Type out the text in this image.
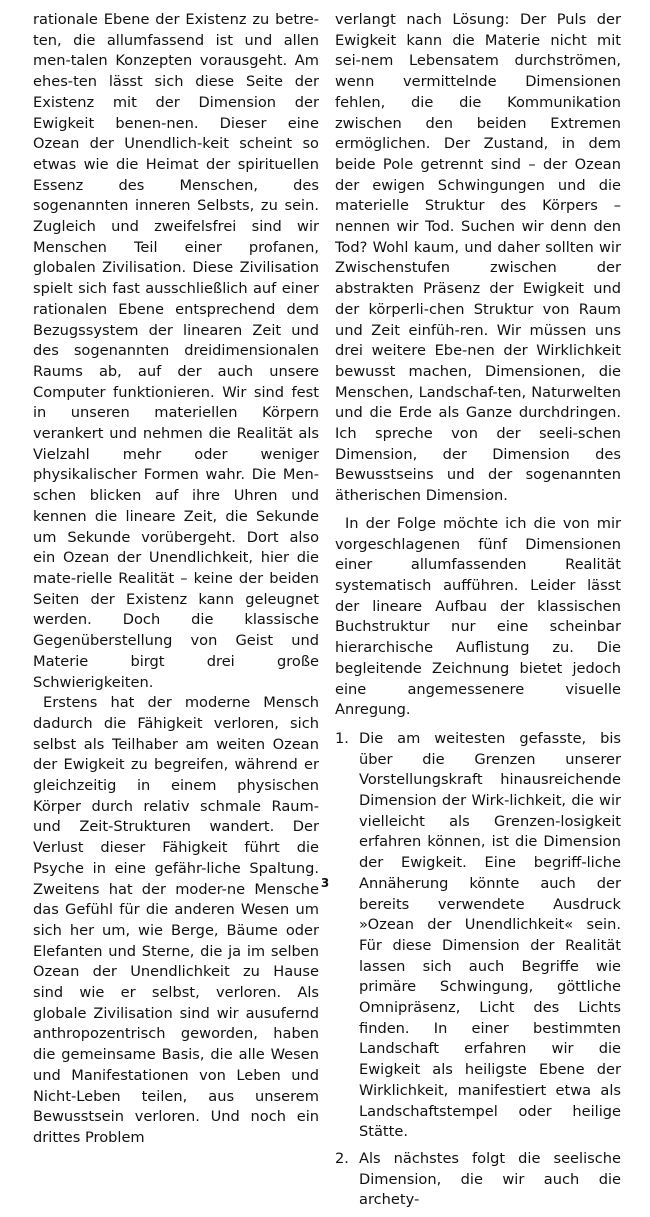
rationale Ebene der Existenz zu betre-ten, die allumfassend ist und allen men-talen Konzepten vorausgeht. Am ehes-ten lässt sich diese Seite der Existenz mit der Dimension der Ewigkeit benen-nen. Dieser eine Ozean der Unendlich-keit scheint so etwas wie die Heimat der spirituellen Essenz des Menschen, des sogenannten inneren Selbsts, zu sein. Zugleich und zweifelsfrei sind wir Menschen Teil einer profanen, globalen Zivilisation. Diese Zivilisation spielt sich fast ausschließlich auf einer rationalen Ebene entsprechend dem Bezugssystem der linearen Zeit und des sogenannten dreidimensionalen Raums ab, auf der auch unsere Computer funktionieren. Wir sind fest in unseren materiellen Körpern verankert und nehmen die Realität als Vielzahl mehr oder weniger physikalischer Formen wahr. Die Men-schen blicken auf ihre Uhren und kennen die lineare Zeit, die Sekunde um Sekunde vorübergeht. Dort also ein Ozean der Unendlichkeit, hier die mate-rielle Realität – keine der beiden Seiten der Existenz kann geleugnet werden. Doch die klassische Gegenüberstellung von Geist und Materie birgt drei große Schwierigkeiten.

Erstens hat der moderne Mensch dadurch die Fähigkeit verloren, sich selbst als Teilhaber am weiten Ozean der Ewigkeit zu begreifen, während er gleichzeitig in einem physischen Körper durch relativ schmale Raum- und Zeit-Strukturen wandert. Der Verlust dieser Fähigkeit führt die Psyche in eine gefähr-liche Spaltung. Zweitens hat der moder-ne Mensche das Gefühl für die anderen Wesen um sich her um, wie Berge, Bäume oder Elefanten und Sterne, die ja im selben Ozean der Unendlichkeit zu Hause sind wie er selbst, verloren. Als globale Zivilisation sind wir ausufernd anthropozentrisch geworden, haben die gemeinsame Basis, die alle Wesen und Manifestationen von Leben und Nicht-Leben teilen, aus unserem Bewusstsein verloren. Und noch ein drittes Problem

verlangt nach Lösung: Der Puls der Ewigkeit kann die Materie nicht mit sei-nem Lebensatem durchströmen, wenn vermittelnde Dimensionen fehlen, die die Kommunikation zwischen den beiden Extremen ermöglichen. Der Zustand, in dem beide Pole getrennt sind – der Ozean der ewigen Schwingungen und die materielle Struktur des Körpers – nennen wir Tod. Suchen wir denn den Tod? Wohl kaum, und daher sollten wir Zwischenstufen zwischen der abstrakten Präsenz der Ewigkeit und der körperli-chen Struktur von Raum und Zeit einfüh-ren. Wir müssen uns drei weitere Ebe-nen der Wirklichkeit bewusst machen, Dimensionen, die Menschen, Landschaf-ten, Naturwelten und die Erde als Ganze durchdringen. Ich spreche von der seeli-schen Dimension, der Dimension des Bewusstseins und der sogenannten ätherischen Dimension.

In der Folge möchte ich die von mir vorgeschlagenen fünf Dimensionen einer allumfassenden Realität systematisch aufführen. Leider lässt der lineare Aufbau der klassischen Buchstruktur nur eine scheinbar hierarchische Auflistung zu. Die begleitende Zeichnung bietet jedoch eine angemessenere visuelle Anregung.

1. Die am weitesten gefasste, bis über die Grenzen unserer Vorstellungskraft hinausreichende Dimension der Wirk-lichkeit, die wir vielleicht als Grenzen-losigkeit erfahren können, ist die Dimension der Ewigkeit. Eine begriff-liche Annäherung könnte auch der bereits verwendete Ausdruck »Ozean der Unendlichkeit« sein. Für diese Dimension der Realität lassen sich auch Begriffe wie primäre Schwingung, göttliche Omnipräsenz, Licht des Lichts finden. In einer bestimmten Landschaft erfahren wir die Ewigkeit als heiligste Ebene der Wirklichkeit, manifestiert etwa als Landschaftstempel oder heilige Stätte.
2. Als nächstes folgt die seelische Dimension, die wir auch die archety-
3
